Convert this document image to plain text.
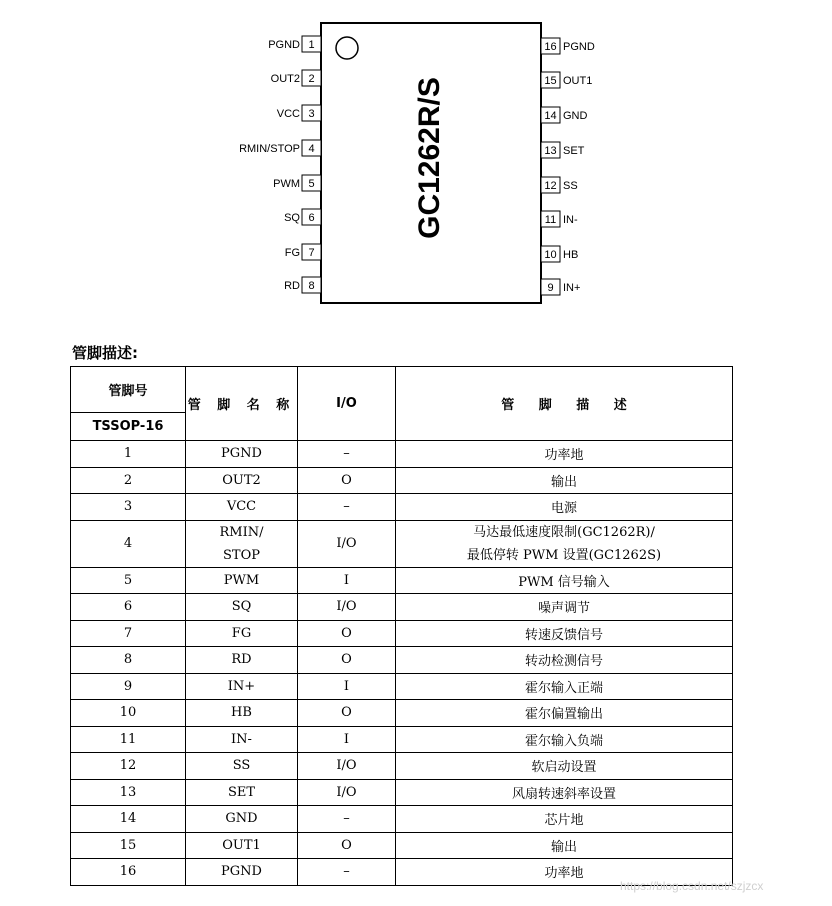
GC1262R/S
1
PGND
2
OUT2
3
VCC
4
RMIN/STOP
5
PWM
6
SQ
7
FG
8
RD
16 PGND
15 OUT1
14 GND
13 SET
12 SS
11 IN-
10 HB
9 IN+
管脚描述:
管脚号	管 脚 名 称	I/O	管 脚 描 述
TSSOP-16			

1	PGND	–	功率地

2	OUT2	O	输出

3	VCC	–	电源

4	RMIN/
STOP	I/O	马达最低速度限制(GC1262R)/
最低停转 PWM 设置(GC1262S)

5	PWM	I	PWM 信号输入

6	SQ	I/O	噪声调节

7	FG	O	转速反馈信号

8	RD	O	转动检测信号

9	IN+	I	霍尔输入正端

10	HB	O	霍尔偏置输出

11	IN-	I	霍尔输入负端

12	SS	I/O	软启动设置

13	SET	I/O	风扇转速斜率设置

14	GND	–	芯片地

15	OUT1	O	输出

16	PGND	–	功率地
https://blog.csdn.net/szjzcx
